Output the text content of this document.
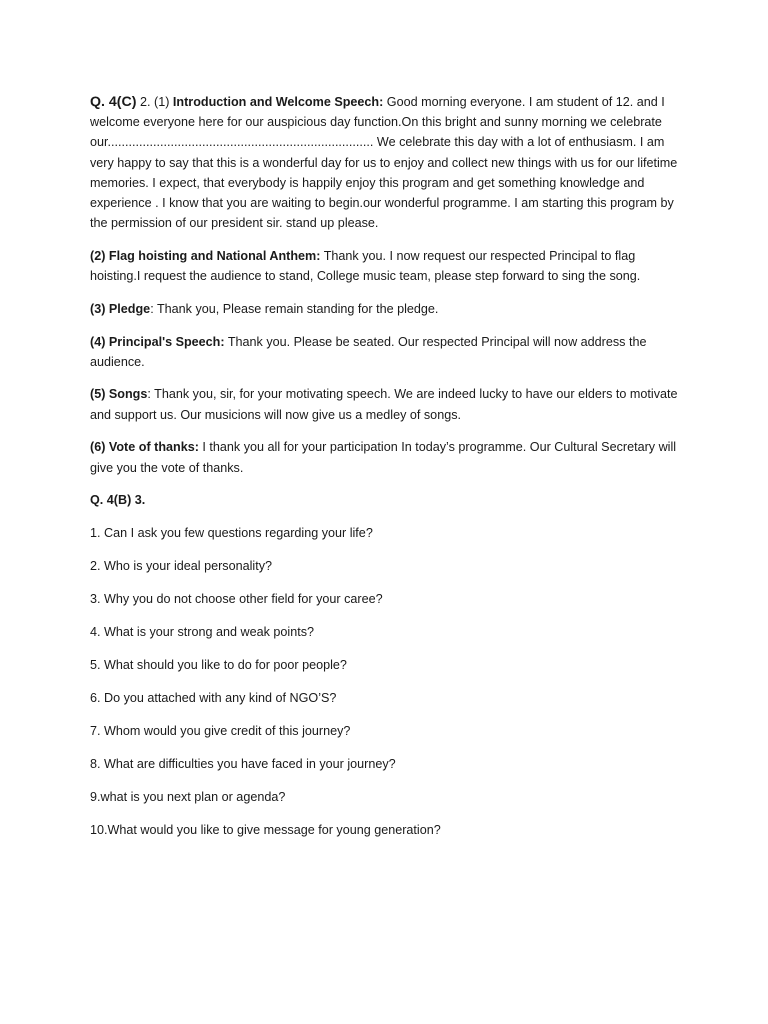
Q. 4(C) 2. (1) Introduction and Welcome Speech: Good morning everyone. I am student of 12. and I welcome everyone here for our auspicious day function.On this bright and sunny morning we celebrate our............................................................................ We celebrate this day with a lot of enthusiasm. I am very happy to say that this is a wonderful day for us to enjoy and collect new things with us for our lifetime memories. I expect, that everybody is happily enjoy this program and get something knowledge and experience . I know that you are waiting to begin.our wonderful programme. I am starting this program by the permission of our president sir. stand up please.

(2) Flag hoisting and National Anthem: Thank you. I now request our respected Principal to flag hoisting.I request the audience to stand, College music team, please step forward to sing the song.

(3) Pledge: Thank you, Please remain standing for the pledge.

(4) Principal's Speech: Thank you. Please be seated. Our respected Principal will now address the audience.

(5) Songs: Thank you, sir, for your motivating speech. We are indeed lucky to have our elders to motivate and support us. Our musicions will now give us a medley of songs.

(6) Vote of thanks: I thank you all for your participation In today’s programme. Our Cultural Secretary will give you the vote of thanks.

Q. 4(B) 3.

1. Can I ask you few questions regarding your life?

2. Who is your ideal personality?

3. Why you do not choose other field for your caree?

4. What is your strong and weak points?

5. What should you like to do for poor people?

6. Do you attached with any kind of NGO’S?

7. Whom would you give credit of this journey?

8. What are difficulties you have faced in your journey?

9.what is you next plan or agenda?

10.What would you like to give message for young generation?
